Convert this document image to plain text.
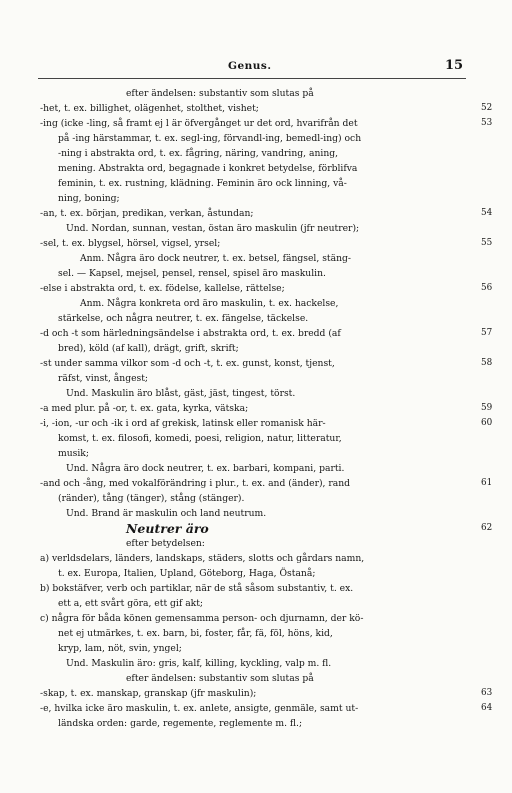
Genus.	15
efter ändelsen: substantiv som slutas på
-het, t. ex. billighet, olägenhet, stolthet, vishet;	52
-ing (icke -ling, så framt ej l är öfvergånget ur det ord, hvarifrån det	53
på -ing härstammar, t. ex. segl-ing, förvandl-ing, bemedl-ing) och
-ning i abstrakta ord, t. ex. fågring, näring, vandring, aning,
mening. Abstrakta ord, begagnade i konkret betydelse, förblifva
feminin, t. ex. rustning, klädning. Feminin äro ock linning, vå-
ning, boning;
-an, t. ex. början, predikan, verkan, åstundan;	54
Und. Nordan, sunnan, vestan, östan äro maskulin (jfr neutrer);
-sel, t. ex. blygsel, hörsel, vigsel, yrsel;	55
Anm. Några äro dock neutrer, t. ex. betsel, fängsel, stäng-
sel. — Kapsel, mejsel, pensel, rensel, spisel äro maskulin.
-else i abstrakta ord, t. ex. födelse, kallelse, rättelse;	56
Anm. Några konkreta ord äro maskulin, t. ex. hackelse,
stärkelse, och några neutrer, t. ex. fängelse, täckelse.
-d och -t som härledningsändelse i abstrakta ord, t. ex. bredd (af	57
bred), köld (af kall), drägt, grift, skrift;
-st under samma vilkor som -d och -t, t. ex. gunst, konst, tjenst,	58
räfst, vinst, ångest;
Und. Maskulin äro blåst, gäst, jäst, tingest, törst.
-a med plur. på -or, t. ex. gata, kyrka, vätska;	59
-i, -ion, -ur och -ik i ord af grekisk, latinsk eller romanisk här-	60
komst, t. ex. filosofi, komedi, poesi, religion, natur, litteratur,
musik;
Und. Några äro dock neutrer, t. ex. barbari, kompani, parti.
-and och -ång, med vokalförändring i plur., t. ex. and (änder), rand	61
(ränder), tång (tänger), stång (stänger).
Und. Brand är maskulin och land neutrum.
Neutrer äro	62
efter betydelsen:
a) verldsdelars, länders, landskaps, städers, slotts och gårdars namn,
t. ex. Europa, Italien, Upland, Göteborg, Haga, Östanå;
b) bokstäfver, verb och partiklar, när de stå såsom substantiv, t. ex.
ett a, ett svårt göra, ett gif akt;
c) några för båda könen gemensamma person- och djurnamn, der kö-
net ej utmärkes, t. ex. barn, bi, foster, får, fä, föl, höns, kid,
kryp, lam, nöt, svin, yngel;
Und. Maskulin äro: gris, kalf, killing, kyckling, valp m. fl.
efter ändelsen: substantiv som slutas på
-skap, t. ex. manskap, granskap (jfr maskulin);	63
-e, hvilka icke äro maskulin, t. ex. anlete, ansigte, genmäle, samt ut-	64
ländska orden: garde, regemente, reglemente m. fl.;
